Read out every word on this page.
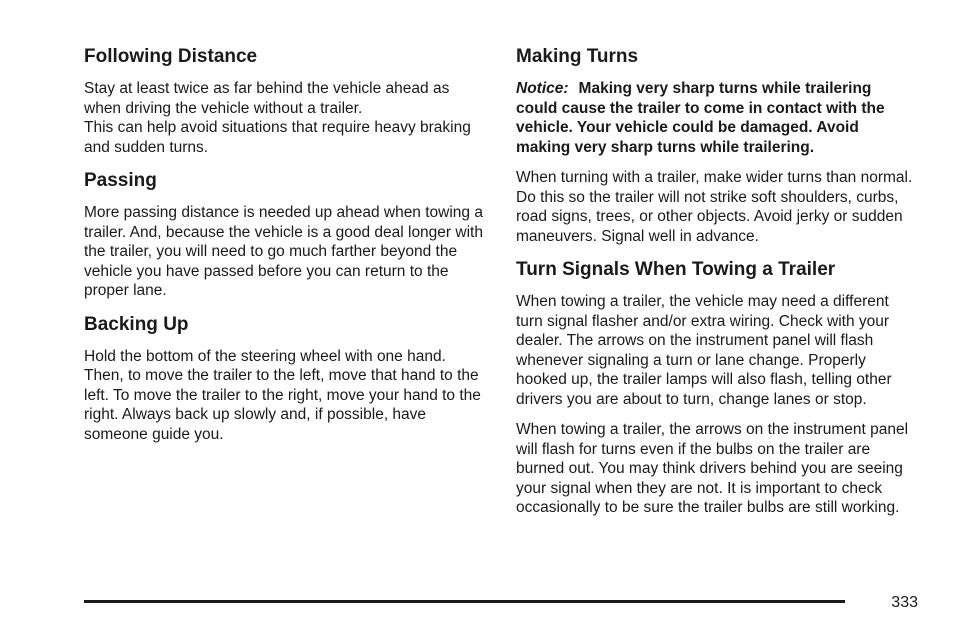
Following Distance

Stay at least twice as far behind the vehicle ahead as when driving the vehicle without a trailer.

This can help avoid situations that require heavy braking and sudden turns.

Passing

More passing distance is needed up ahead when towing a trailer. And, because the vehicle is a good deal longer with the trailer, you will need to go much farther beyond the vehicle you have passed before you can return to the proper lane.

Backing Up

Hold the bottom of the steering wheel with one hand. Then, to move the trailer to the left, move that hand to the left. To move the trailer to the right, move your hand to the right. Always back up slowly and, if possible, have someone guide you.

Making Turns
Notice: Making very sharp turns while trailering could cause the trailer to come in contact with the vehicle. Your vehicle could be damaged. Avoid making very sharp turns while trailering.

When turning with a trailer, make wider turns than normal. Do this so the trailer will not strike soft shoulders, curbs, road signs, trees, or other objects. Avoid jerky or sudden maneuvers. Signal well in advance.

Turn Signals When Towing a Trailer

When towing a trailer, the vehicle may need a different turn signal flasher and/or extra wiring. Check with your dealer. The arrows on the instrument panel will flash whenever signaling a turn or lane change. Properly hooked up, the trailer lamps will also flash, telling other drivers you are about to turn, change lanes or stop.

When towing a trailer, the arrows on the instrument panel will flash for turns even if the bulbs on the trailer are burned out. You may think drivers behind you are seeing your signal when they are not. It is important to check occasionally to be sure the trailer bulbs are still working.

333
